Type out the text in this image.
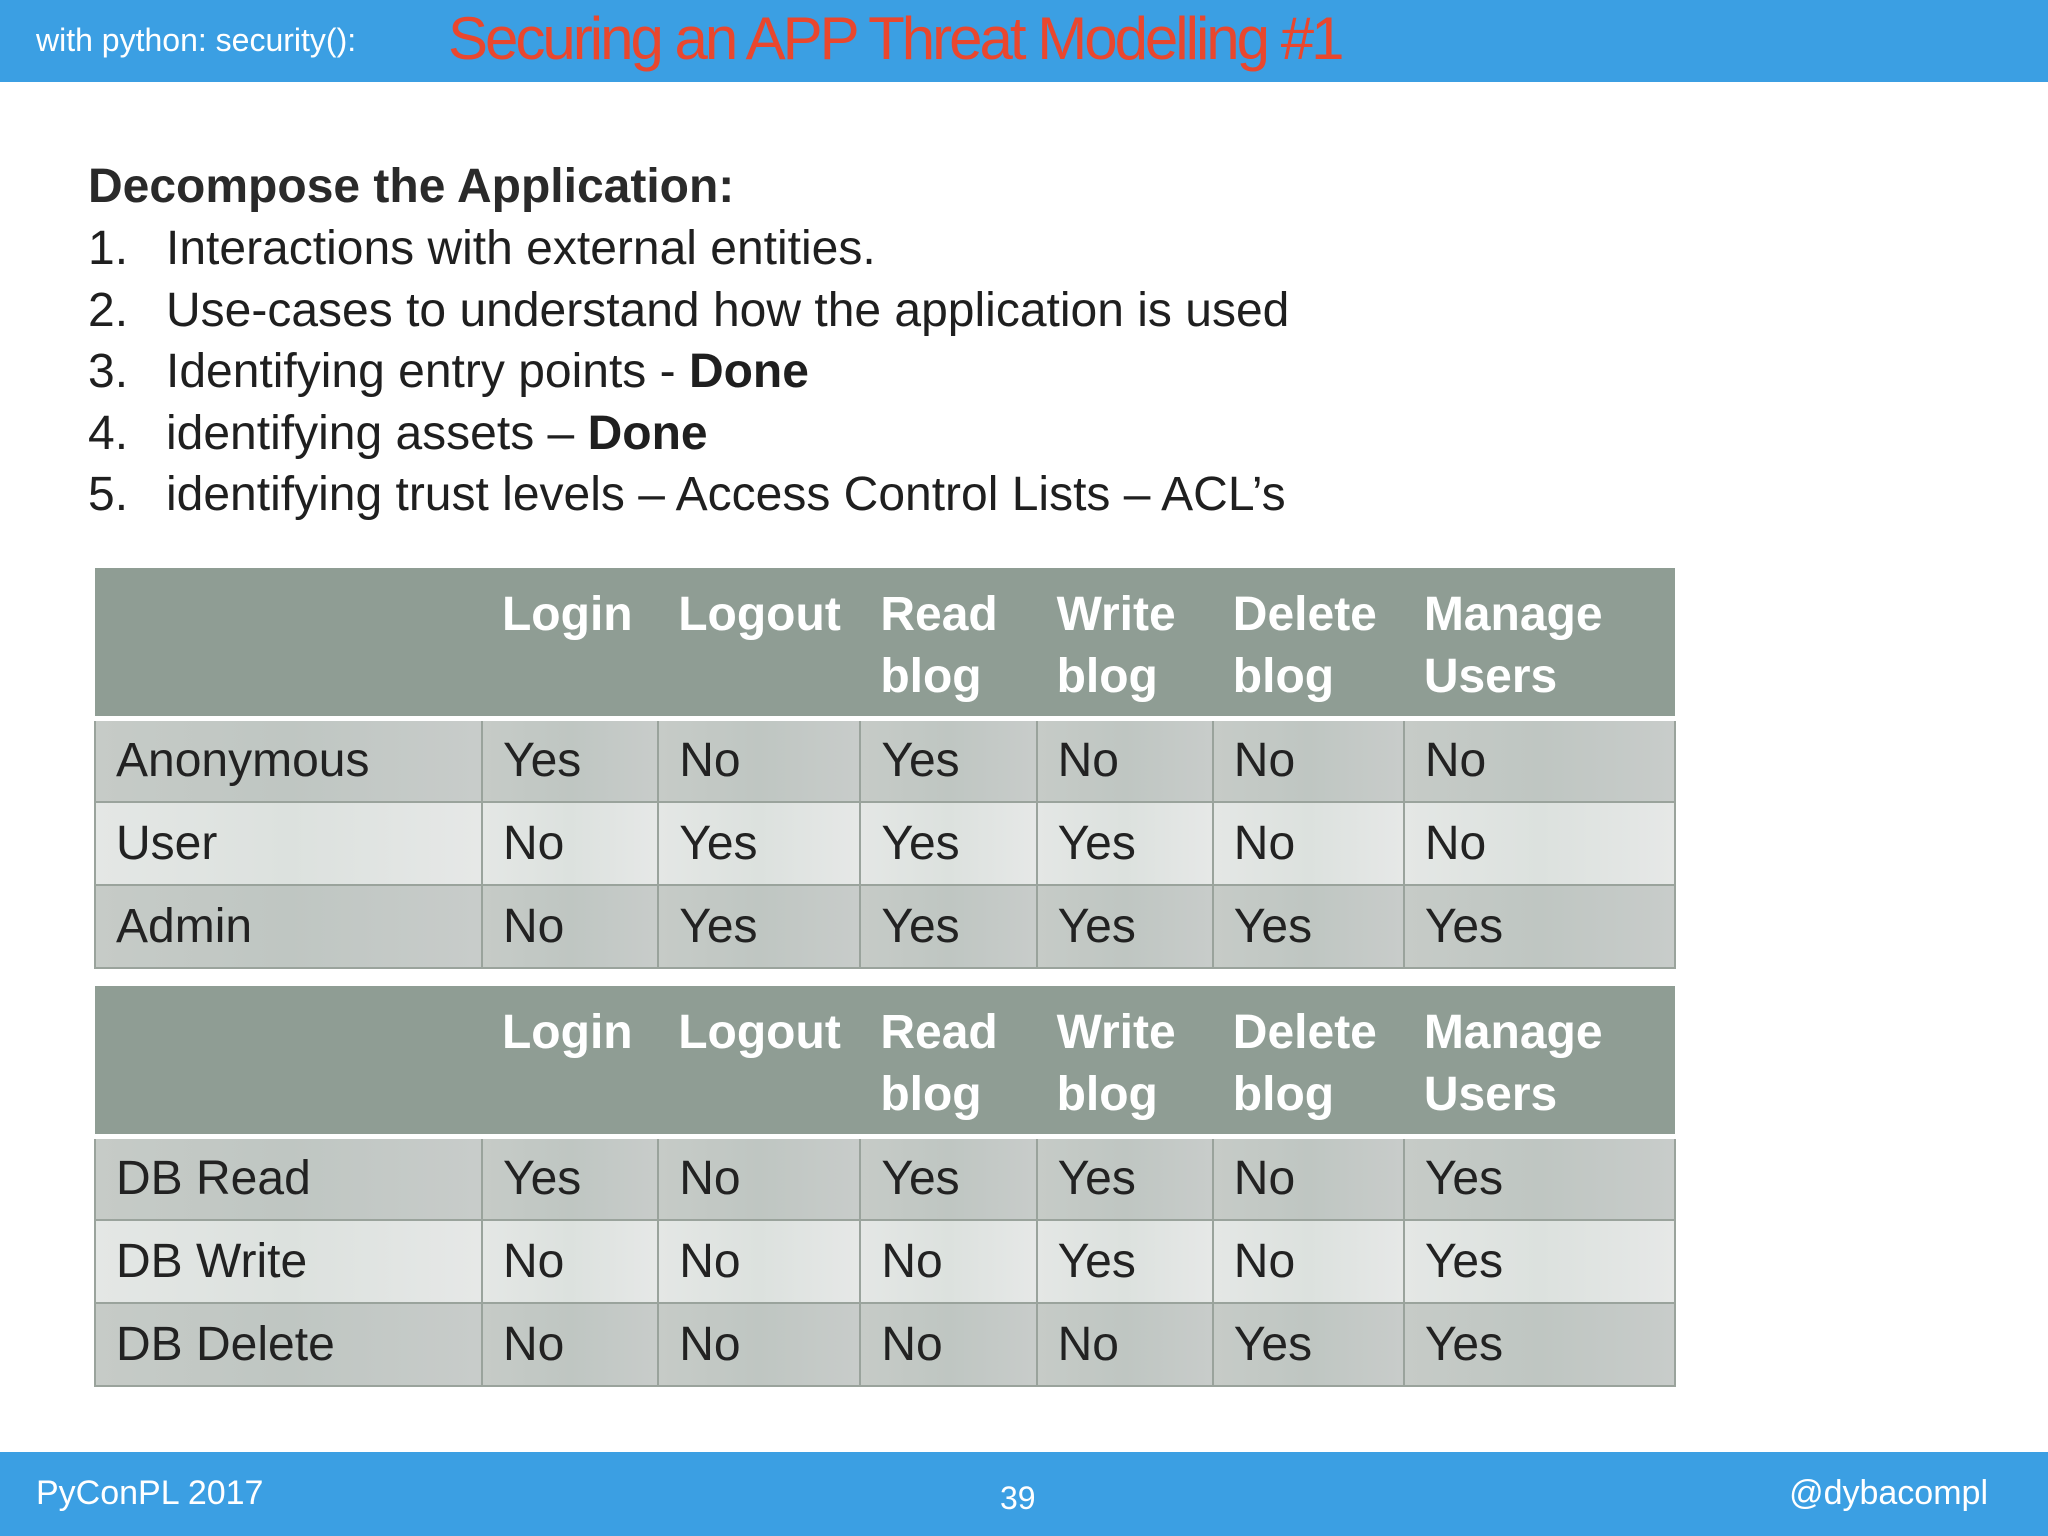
with python: security(): Securing an APP Threat Modelling #1

Decompose the Application:

1. Interactions with external entities.
2. Use-cases to understand how the application is used
3. Identifying entry points - Done
4. identifying assets – Done
5. identifying trust levels – Access Control Lists – ACL’s
	Login	Logout	Read blog	Write blog	Delete blog	Manage Users
Anonymous	Yes	No	Yes	No	No	No
User	No	Yes	Yes	Yes	No	No
Admin	No	Yes	Yes	Yes	Yes	Yes
	Login	Logout	Read blog	Write blog	Delete blog	Manage Users
DB Read	Yes	No	Yes	Yes	No	Yes
DB Write	No	No	No	Yes	No	Yes
DB Delete	No	No	No	No	Yes	Yes
PyConPL 2017	39	@dybacompl
